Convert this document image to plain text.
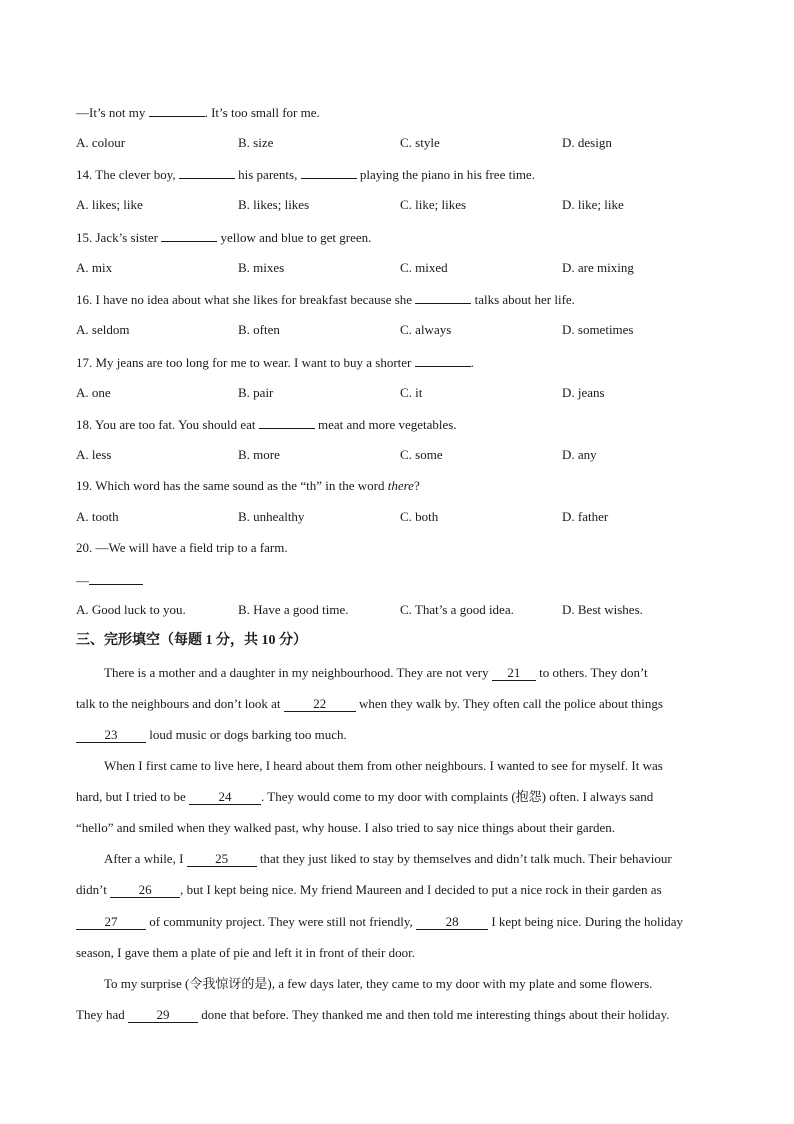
—It’s not my	. It’s too small for me.
A. colour	B. size	C. style	D. design
14. The clever boy,	his parents,	playing the piano in his free time.
A. likes; like	B. likes; likes	C. like; likes	D. like; like
15. Jack’s sister	yellow and blue to get green.
A. mix	B. mixes	C. mixed	D. are mixing
16. I have no idea about what she likes for breakfast because she	talks about her life.
A. seldom	B. often	C. always	D. sometimes
17. My jeans are too long for me to wear. I want to buy a shorter	.
A. one	B. pair	C. it	D. jeans
18. You are too fat. You should eat	meat and more vegetables.
A. less	B. more	C. some	D. any
19. Which word has the same sound as the “th” in the word there?
A. tooth	B. unhealthy	C. both	D. father
20. —We will have a field trip to a farm.
—
A. Good luck to you.	B. Have a good time.	C. That’s a good idea.	D. Best wishes.
三、完形填空（每题 1 分，共 10 分）
There is a mother and a daughter in my neighbourhood. They are not very 21 to others. They don’t
talk to the neighbours and don’t look at 22 when they walk by. They often call the police about things
23 loud music or dogs barking too much.
When I first came to live here, I heard about them from other neighbours. I wanted to see for myself. It was
hard, but I tried to be 24 . They would come to my door with complaints (抱怨) often. I always sand
“hello” and smiled when they walked past, why house. I also tried to say nice things about their garden.
After a while, I 25 that they just liked to stay by themselves and didn’t talk much. Their behaviour
didn’t 26 , but I kept being nice. My friend Maureen and I decided to put a nice rock in their garden as
27 of community project. They were still not friendly, 28 I kept being nice. During the holiday
season, I gave them a plate of pie and left it in front of their door.
To my surprise (令我惊讶的是), a few days later, they came to my door with my plate and some flowers.
They had 29 done that before. They thanked me and then told me interesting things about their holiday.
